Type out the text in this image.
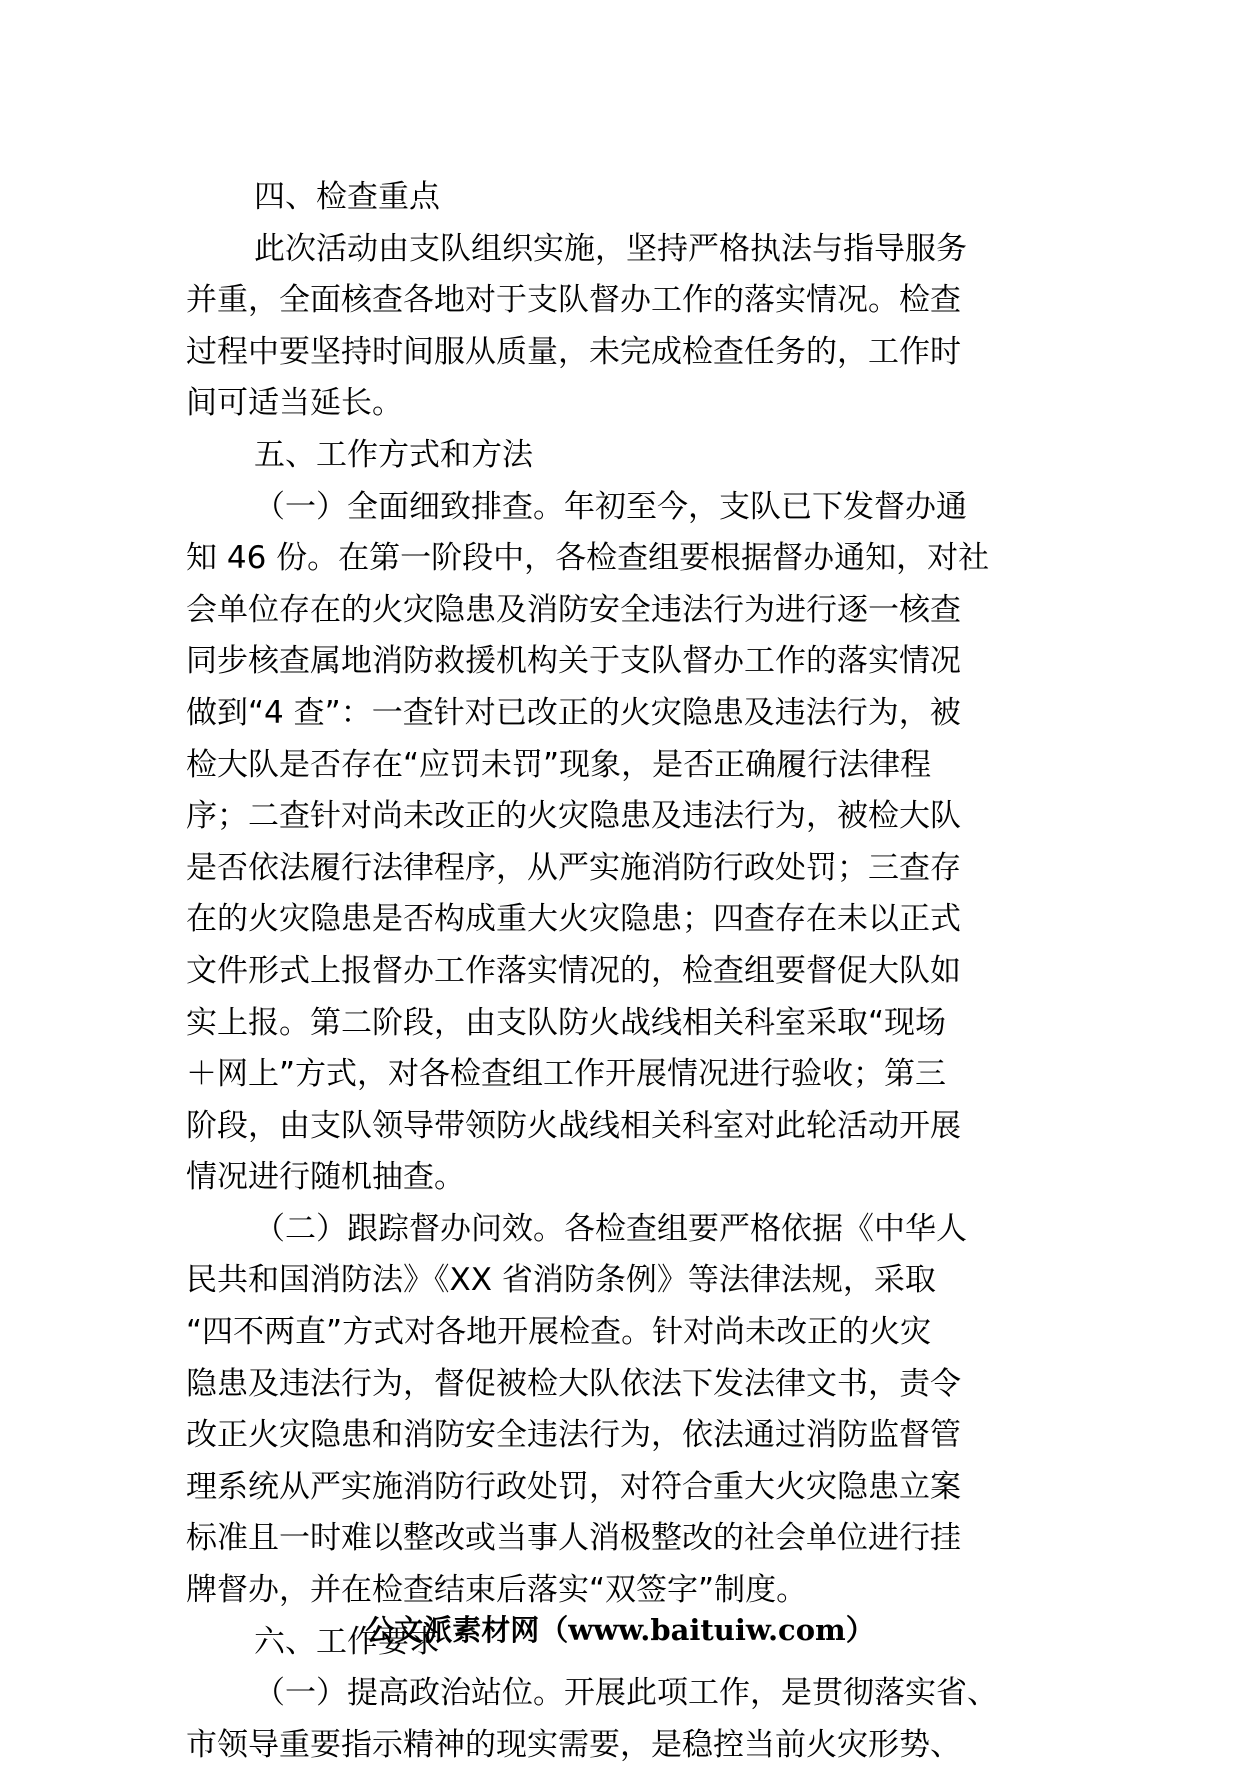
四、检查重点
此次活动由支队组织实施，坚持严格执法与指导服务
并重，全面核查各地对于支队督办工作的落实情况。检查
过程中要坚持时间服从质量，未完成检查任务的，工作时
间可适当延长。
五、工作方式和方法
（一）全面细致排查。年初至今，支队已下发督办通
知 46 份。在第一阶段中，各检查组要根据督办通知，对社
会单位存在的火灾隐患及消防安全违法行为进行逐一核查
同步核查属地消防救援机构关于支队督办工作的落实情况
做到“4 查”：一查针对已改正的火灾隐患及违法行为，被
检大队是否存在“应罚未罚”现象，是否正确履行法律程
序；二查针对尚未改正的火灾隐患及违法行为，被检大队
是否依法履行法律程序，从严实施消防行政处罚；三查存
在的火灾隐患是否构成重大火灾隐患；四查存在未以正式
文件形式上报督办工作落实情况的，检查组要督促大队如
实上报。第二阶段，由支队防火战线相关科室采取“现场
＋网上”方式，对各检查组工作开展情况进行验收；第三
阶段，由支队领导带领防火战线相关科室对此轮活动开展
情况进行随机抽查。
（二）跟踪督办问效。各检查组要严格依据《中华人
民共和国消防法》《XX 省消防条例》等法律法规，采取
“四不两直”方式对各地开展检查。针对尚未改正的火灾
隐患及违法行为，督促被检大队依法下发法律文书，责令
改正火灾隐患和消防安全违法行为，依法通过消防监督管
理系统从严实施消防行政处罚，对符合重大火灾隐患立案
标准且一时难以整改或当事人消极整改的社会单位进行挂
牌督办，并在检查结束后落实“双签字”制度。
六、工作要求
（一）提高政治站位。开展此项工作，是贯彻落实省、
市领导重要指示精神的现实需要，是稳控当前火灾形势、
公文派素材网（www.baituiw.com）
